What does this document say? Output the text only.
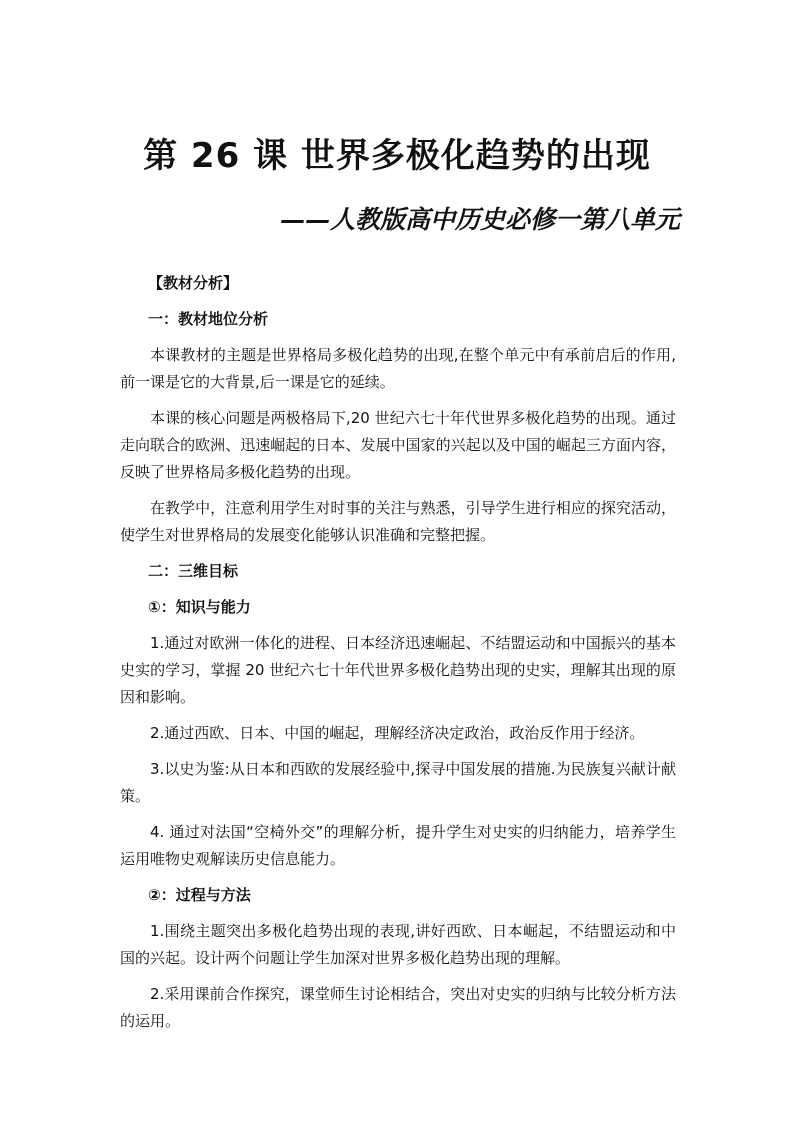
第 26 课 世界多极化趋势的出现
——人教版高中历史必修一第八单元

【教材分析】

一：教材地位分析

本课教材的主题是世界格局多极化趋势的出现,在整个单元中有承前启后的作用,前一课是它的大背景,后一课是它的延续。

本课的核心问题是两极格局下,20 世纪六七十年代世界多极化趋势的出现。通过走向联合的欧洲、迅速崛起的日本、发展中国家的兴起以及中国的崛起三方面内容，反映了世界格局多极化趋势的出现。

在教学中，注意利用学生对时事的关注与熟悉，引导学生进行相应的探究活动，使学生对世界格局的发展变化能够认识准确和完整把握。

二：三维目标

①：知识与能力

1.通过对欧洲一体化的进程、日本经济迅速崛起、不结盟运动和中国振兴的基本史实的学习，掌握 20 世纪六七十年代世界多极化趋势出现的史实，理解其出现的原因和影响。

2.通过西欧、日本、中国的崛起，理解经济决定政治，政治反作用于经济。

3.以史为鉴:从日本和西欧的发展经验中,探寻中国发展的措施.为民族复兴献计献策。

4. 通过对法国“空椅外交”的理解分析，提升学生对史实的归纳能力，培养学生运用唯物史观解读历史信息能力。

②：过程与方法

1.围绕主题突出多极化趋势出现的表现,讲好西欧、日本崛起，不结盟运动和中国的兴起。设计两个问题让学生加深对世界多极化趋势出现的理解。

2.采用课前合作探究，课堂师生讨论相结合，突出对史实的归纳与比较分析方法的运用。
